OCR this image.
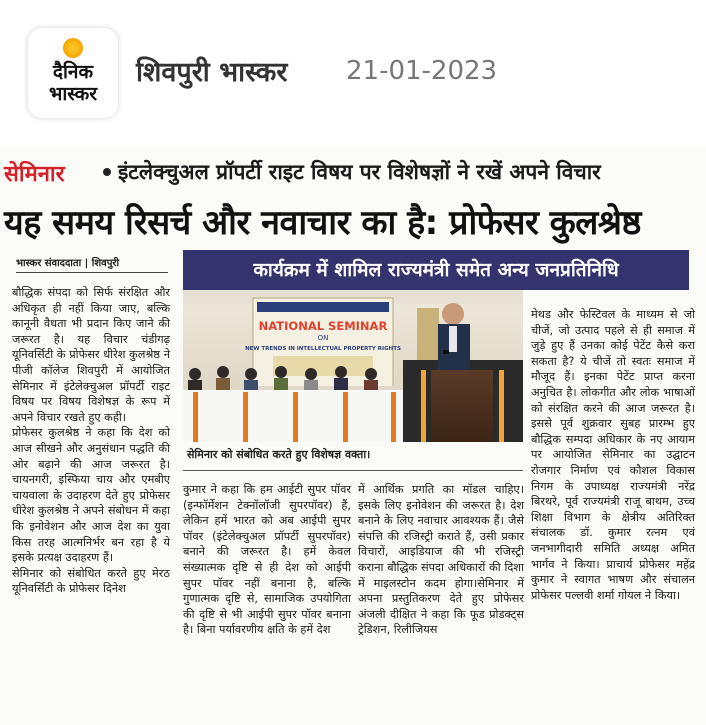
दैनिक
भास्कर
शिवपुरी भास्कर 21-01-2023
सेमिनार	इंटलेक्चुअल प्रॉपर्टी राइट विषय पर विशेषज्ञों ने रखें अपने विचार
यह समय रिसर्च और नवाचार का है: प्रोफेसर कुलश्रेष्ठ
भास्कर संवाददाता | शिवपुरी

बौद्धिक संपदा को सिर्फ संरक्षित और अधिकृत ही नहीं किया जाए, बल्कि कानूनी वैधता भी प्रदान किए जाने की जरूरत है। यह विचार चंडीगढ़ यूनिवर्सिटी के प्रोफेसर धीरेश कुलश्रेष्ठ ने पीजी कॉलेज शिवपुरी में आयोजित सेमिनार में इंटेलेक्चुअल प्रॉपर्टी राइट विषय पर विषय विशेषज्ञ के रूप में अपने विचार रखते हुए कही।

प्रोफेसर कुलश्रेष्ठ ने कहा कि देश को आज सीखने और अनुसंधान पद्धति की ओर बढ़ाने की आज जरूरत है। चायनगरी, इस्फिया चाय और एमबीए चायवाला के उदाहरण देते हुए प्रोफेसर धीरेश कुलश्रेष्ठ ने अपने संबोधन में कहा कि इनोवेशन और आज देश का युवा किस तरह आत्मनिर्भर बन रहा है ये इसके प्रत्यक्ष उदाहरण हैं।

सेमिनार को संबोधित करते हुए मेरठ यूनिवर्सिटी के प्रोफेसर दिनेश

कार्यक्रम में शामिल राज्यमंत्री समेत अन्य जनप्रतिनिधि
NATIONAL SEMINAR
ON
NEW TRENDS IN INTELLECTUAL PROPERTY RIGHTS
सेमिनार को संबोधित करते हुए विशेषज्ञ वक्ता।

कुमार ने कहा कि हम आईटी सुपर पॉवर (इन्फॉर्मेशन टेक्नॉलॉजी सुपरपॉवर) हैं, लेकिन हमें भारत को अब आईपी सुपर पॉवर (इंटेलेक्चुअल प्रॉपर्टी सुपरपॉवर) बनाने की जरूरत है। हमें केवल संख्यात्मक दृष्टि से ही देश को आईपी सुपर पॉवर नहीं बनाना है, बल्कि गुणात्मक दृष्टि से, सामाजिक उपयोगिता की दृष्टि से भी आईपी सुपर पॉवर बनाना है। बिना पर्यावरणीय क्षति के हमें देश

में आर्थिक प्रगति का मॉडल चाहिए। इसके लिए इनोवेशन की जरूरत है। देश बनाने के लिए नवाचार आवश्यक हैं। जैसे संपत्ति की रजिस्ट्री कराते हैं, उसी प्रकार विचारों, आइडियाज की भी रजिस्ट्री कराना बौद्धिक संपदा अधिकारों की दिशा में माइलस्टोन कदम होगा।सेमिनार में अपना प्रस्तुतिकरण देते हुए प्रोफेसर अंजली दीक्षित ने कहा कि फूड प्रोडक्ट्स ट्रेडिशन, रिलीजियस

मेथड और फेस्टिवल के माध्यम से जो चीजें, जो उत्पाद पहले से ही समाज में जुड़े हुए हैं उनका कोई पेटेंट कैसे करा सकता है? ये चीजें तो स्वतः समाज में मौजूद हैं। इनका पेटेंट प्राप्त करना अनुचित है। लोकगीत और लोक भाषाओं को संरक्षित करने की आज जरूरत है। इससे पूर्व शुक्रवार सुबह प्रारम्भ हुए बौद्धिक सम्पदा अधिकार के नए आयाम पर आयोजित सेमिनार का उद्घाटन रोजगार निर्माण एवं कौशल विकास निगम के उपाध्यक्ष राज्यमंत्री नरेंद्र बिरथरे, पूर्व राज्यमंत्री राजू बाथम, उच्च शिक्षा विभाग के क्षेत्रीय अतिरिक्त संचालक डॉ. कुमार रत्नम एवं जनभागीदारी समिति अध्यक्ष अमित भार्गव ने किया। प्राचार्य प्रोफेसर महेंद्र कुमार ने स्वागत भाषण और संचालन प्रोफेसर पल्लवी शर्मा गोयल ने किया।
